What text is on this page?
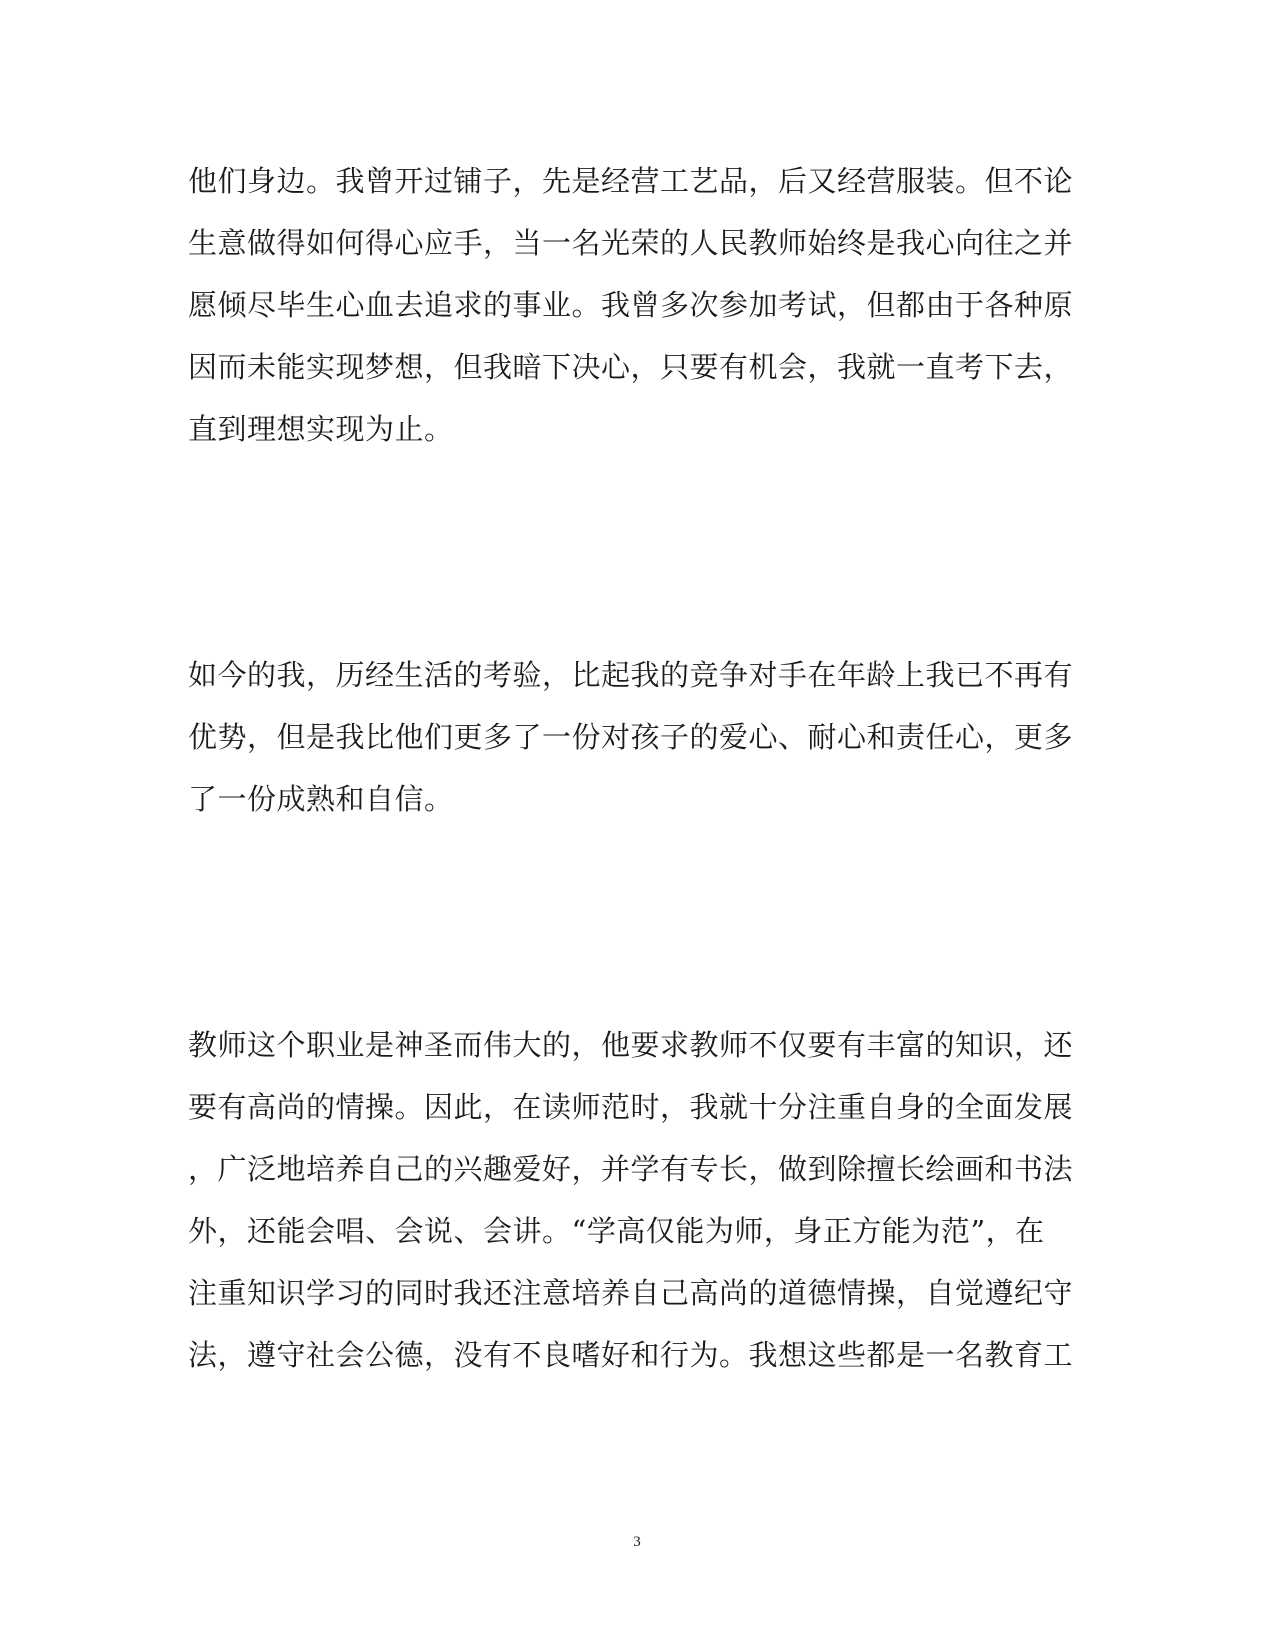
他们身边。我曾开过铺子，先是经营工艺品，后又经营服装。但不论
生意做得如何得心应手，当一名光荣的人民教师始终是我心向往之并
愿倾尽毕生心血去追求的事业。我曾多次参加考试，但都由于各种原
因而未能实现梦想，但我暗下决心，只要有机会，我就一直考下去，
直到理想实现为止。
如今的我，历经生活的考验，比起我的竞争对手在年龄上我已不再有
优势，但是我比他们更多了一份对孩子的爱心、耐心和责任心，更多
了一份成熟和自信。
教师这个职业是神圣而伟大的，他要求教师不仅要有丰富的知识，还
要有高尚的情操。因此，在读师范时，我就十分注重自身的全面发展
，广泛地培养自己的兴趣爱好，并学有专长，做到除擅长绘画和书法
外，还能会唱、会说、会讲。“学高仅能为师，身正方能为范”，在
注重知识学习的同时我还注意培养自己高尚的道德情操，自觉遵纪守
法，遵守社会公德，没有不良嗜好和行为。我想这些都是一名教育工
3
